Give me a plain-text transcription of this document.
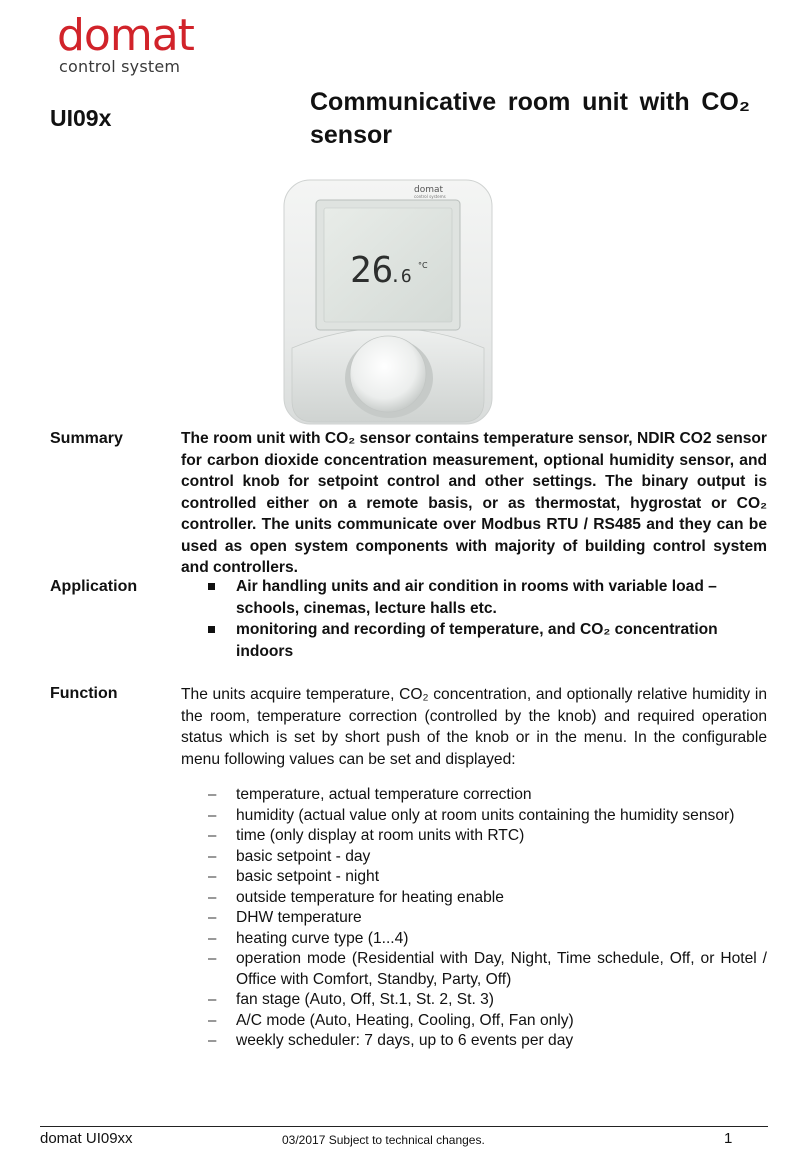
domat
control system
UI09x
Communicative room unit with CO₂ sensor
domat
control systems
26
.6
°C
Summary	The room unit with CO₂ sensor contains temperature sensor, NDIR CO2 sensor for carbon dioxide concentration measurement, optional humidity sensor, and control knob for setpoint control and other settings. The binary output is controlled either on a remote basis, or as thermostat, hygrostat or CO₂ controller. The units communicate over Modbus RTU / RS485 and they can be used as open system components with majority of building control system and controllers.
Application	Air handling units and air condition in rooms with variable load – schools, cinemas, lecture halls etc.
monitoring and recording of temperature, and CO₂ concentration indoors
Function	The units acquire temperature, CO₂ concentration, and optionally relative humidity in the room, temperature correction (controlled by the knob) and required operation status which is set by short push of the knob or in the menu. In the configurable menu following values can be set and displayed:
– temperature, actual temperature correction
– humidity (actual value only at room units containing the humidity sensor)
– time (only display at room units with RTC)
– basic setpoint - day
– basic setpoint - night
– outside temperature for heating enable
– DHW temperature
– heating curve type (1...4)
– operation mode (Residential with Day, Night, Time schedule, Off, or Hotel / Office with Comfort, Standby, Party, Off)
– fan stage (Auto, Off, St.1, St. 2, St. 3)
– A/C mode (Auto, Heating, Cooling, Off, Fan only)
– weekly scheduler: 7 days, up to 6 events per day
domat UI09xx	03/2017 Subject to technical changes.	1
